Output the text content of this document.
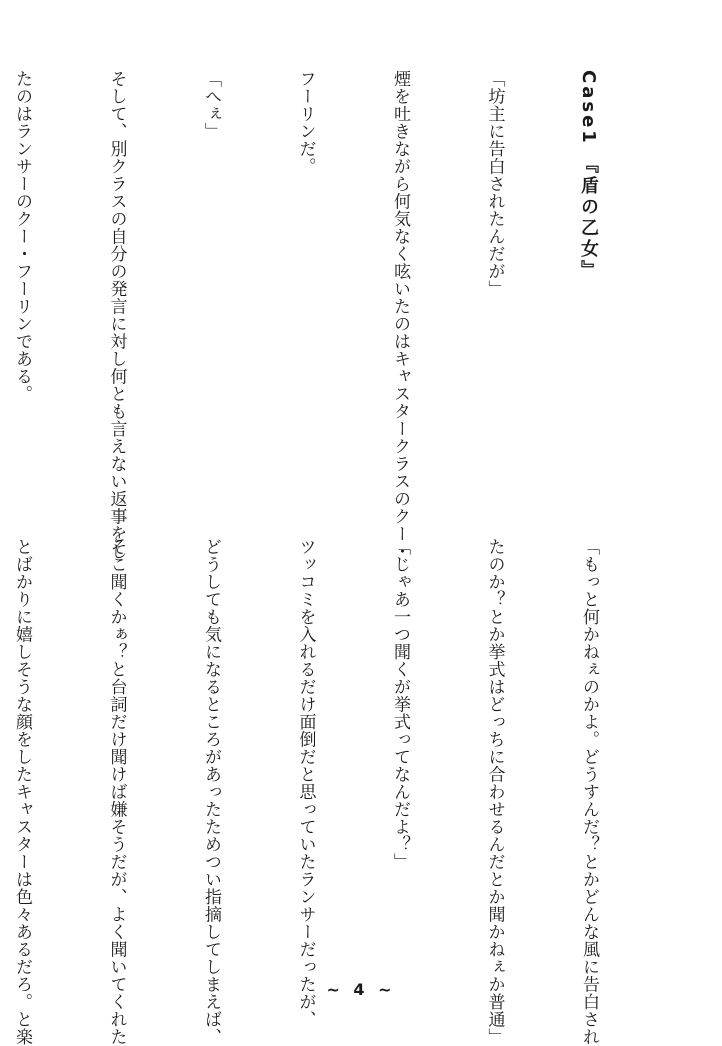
Case1 『盾の乙女』

「坊主に告白されたんだが」

煙を吐きながら何気なく呟いたのはキャスタークラスのクー・

フーリンだ。

「へぇ」

そして、別クラスの自分の発言に対し何とも言えない返事をし

たのはランサーのクー・フーリンである。

「もっと何かねぇのかよ。どうすんだ？とかどんな風に告白され

たのか？とか挙式はどっちに合わせるんだとか聞かねぇか普通」

「じゃあ一つ聞くが挙式ってなんだよ？」

ツッコミを入れるだけ面倒だと思っていたランサーだったが、

どうしても気になるところがあったためつい指摘してしまえば、

そこ聞くかぁ？と台詞だけ聞けば嫌そうだが、よく聞いてくれた

とばかりに嬉しそうな顔をしたキャスターは色々あるだろ。と楽

	~ 4 ~
